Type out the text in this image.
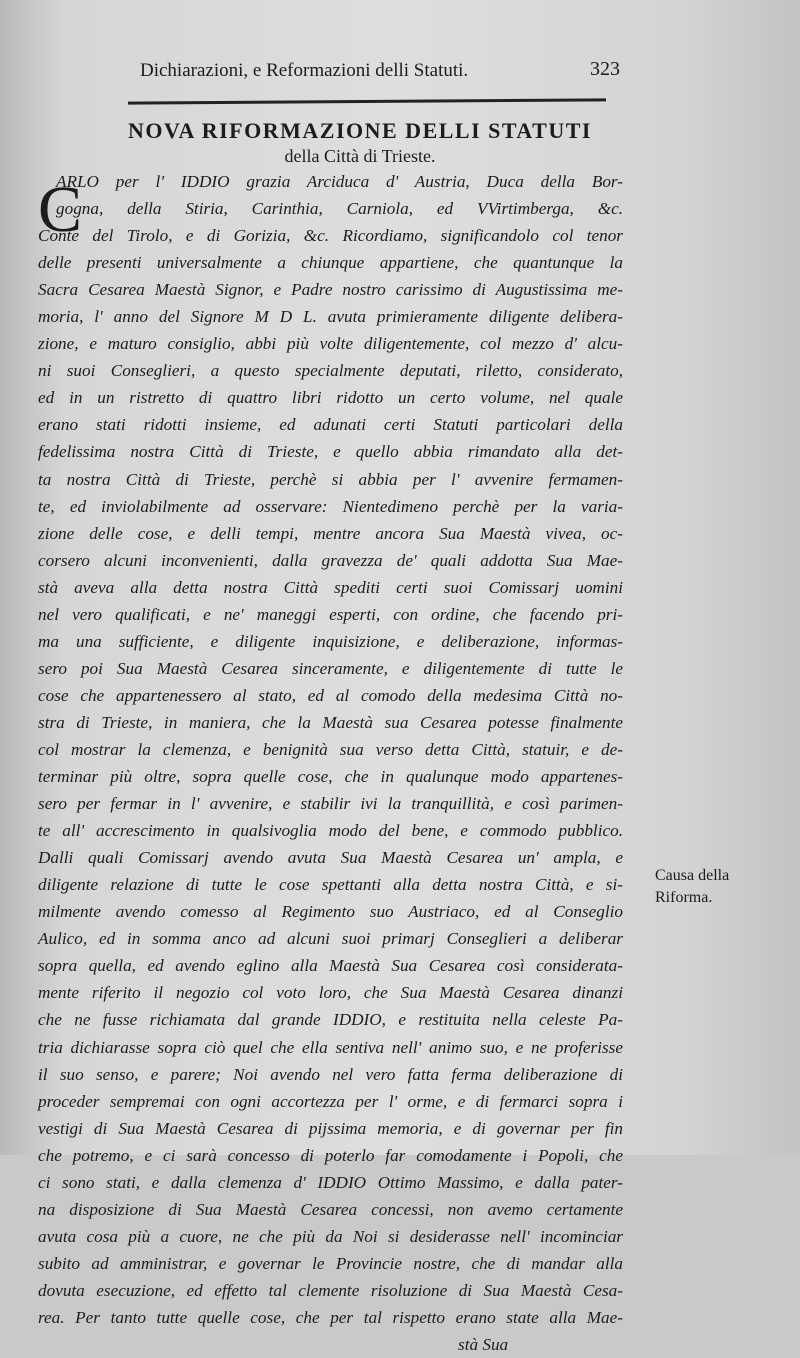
Dichiarazioni, e Reformazioni delli Statuti.	323
NOVA RIFORMAZIONE DELLI STATUTI
della Città di Trieste.
C
ARLO per l' IDDIO grazia Arciduca d' Austria, Duca della Bor-
gogna, della Stiria, Carinthia, Carniola, ed VVirtimberga, &c.
Conte del Tirolo, e di Gorizia, &c. Ricordiamo, significandolo col tenor
delle presenti universalmente a chiunque appartiene, che quantunque la
Sacra Cesarea Maestà Signor, e Padre nostro carissimo di Augustissima me-
moria, l' anno del Signore M D L. avuta primieramente diligente delibera-
zione, e maturo consiglio, abbi più volte diligentemente, col mezzo d' alcu-
ni suoi Conseglieri, a questo specialmente deputati, riletto, considerato,
ed in un ristretto di quattro libri ridotto un certo volume, nel quale
erano stati ridotti insieme, ed adunati certi Statuti particolari della
fedelissima nostra Città di Trieste, e quello abbia rimandato alla det-
ta nostra Città di Trieste, perchè si abbia per l' avvenire fermamen-
te, ed inviolabilmente ad osservare: Nientedimeno perchè per la varia-
zione delle cose, e delli tempi, mentre ancora Sua Maestà vivea, oc-
corsero alcuni inconvenienti, dalla gravezza de' quali addotta Sua Mae-
stà aveva alla detta nostra Città spediti certi suoi Comissarj uomini
nel vero qualificati, e ne' maneggi esperti, con ordine, che facendo pri-
ma una sufficiente, e diligente inquisizione, e deliberazione, informas-
sero poi Sua Maestà Cesarea sinceramente, e diligentemente di tutte le
cose che appartenessero al stato, ed al comodo della medesima Città no-
stra di Trieste, in maniera, che la Maestà sua Cesarea potesse finalmente
col mostrar la clemenza, e benignità sua verso detta Città, statuir, e de-
terminar più oltre, sopra quelle cose, che in qualunque modo appartenes-
sero per fermar in l' avvenire, e stabilir ivi la tranquillità, e così parimen-
te all' accrescimento in qualsivoglia modo del bene, e commodo pubblico.
Dalli quali Comissarj avendo avuta Sua Maestà Cesarea un' ampla, e
diligente relazione di tutte le cose spettanti alla detta nostra Città, e si-
milmente avendo comesso al Regimento suo Austriaco, ed al Conseglio
Aulico, ed in somma anco ad alcuni suoi primarj Conseglieri a deliberar
sopra quella, ed avendo eglino alla Maestà Sua Cesarea così considerata-
mente riferito il negozio col voto loro, che Sua Maestà Cesarea dinanzi
che ne fusse richiamata dal grande IDDIO, e restituita nella celeste Pa-
tria dichiarasse sopra ciò quel che ella sentiva nell' animo suo, e ne proferisse
il suo senso, e parere; Noi avendo nel vero fatta ferma deliberazione di
proceder sempremai con ogni accortezza per l' orme, e di fermarci sopra i
vestigi di Sua Maestà Cesarea di pijssima memoria, e di governar per fin
che potremo, e ci sarà concesso di poterlo far comodamente i Popoli, che
ci sono stati, e dalla clemenza d' IDDIO Ottimo Massimo, e dalla pater-
na disposizione di Sua Maestà Cesarea concessi, non avemo certamente
avuta cosa più a cuore, ne che più da Noi si desiderasse nell' incominciar
subito ad amministrar, e governar le Provincie nostre, che di mandar alla
dovuta esecuzione, ed effetto tal clemente risoluzione di Sua Maestà Cesa-
rea. Per tanto tutte quelle cose, che per tal rispetto erano state alla Mae-
stà Sua
Causa della
Riforma.
